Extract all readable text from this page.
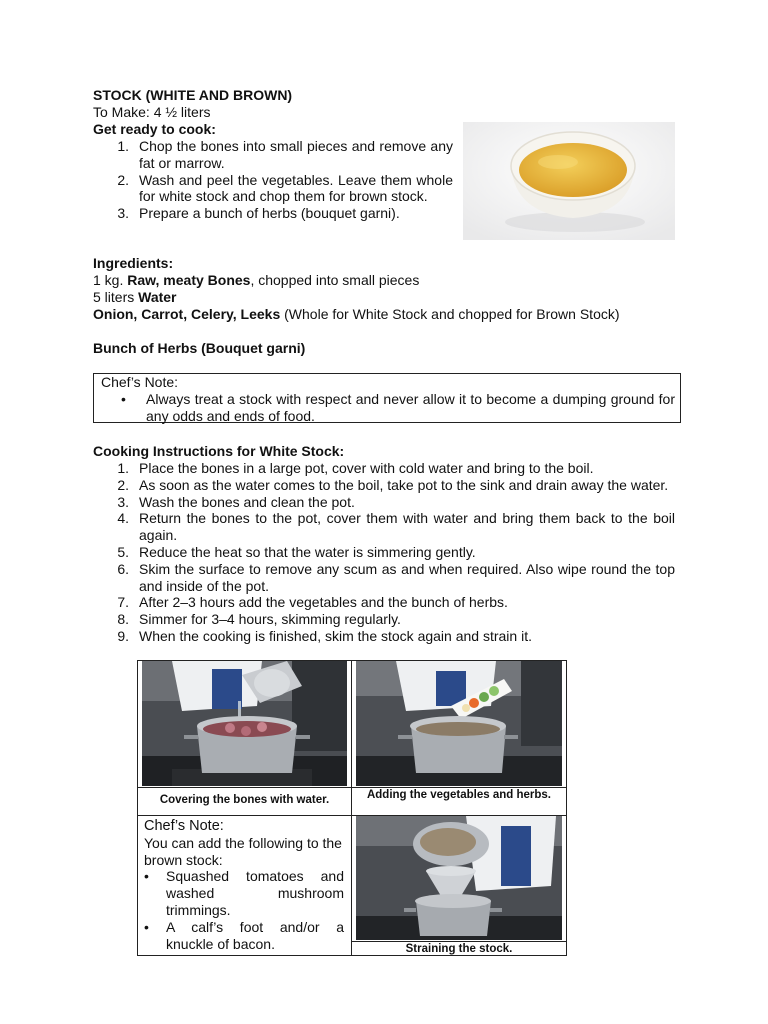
STOCK (WHITE AND BROWN)
To Make: 4 ½ liters
Get ready to cook:
1. Chop the bones into small pieces and remove any fat or marrow.
2. Wash and peel the vegetables. Leave them whole for white stock and chop them for brown stock.
3. Prepare a bunch of herbs (bouquet garni).
Ingredients:
1 kg. Raw, meaty Bones, chopped into small pieces
5 liters Water
Onion, Carrot, Celery, Leeks (Whole for White Stock and chopped for Brown Stock)
Bunch of Herbs (Bouquet garni)
Chef’s Note:
• Always treat a stock with respect and never allow it to become a dumping ground for any odds and ends of food.
Cooking Instructions for White Stock:
1. Place the bones in a large pot, cover with cold water and bring to the boil.
2. As soon as the water comes to the boil, take pot to the sink and drain away the water.
3. Wash the bones and clean the pot.
4. Return the bones to the pot, cover them with water and bring them back to the boil again.
5. Reduce the heat so that the water is simmering gently.
6. Skim the surface to remove any scum as and when required. Also wipe round the top and inside of the pot.
7. After 2–3 hours add the vegetables and the bunch of herbs.
8. Simmer for 3–4 hours, skimming regularly.
9. When the cooking is finished, skim the stock again and strain it.
Covering the bones with water.	Adding the vegetables and herbs.
Chef’s Note:
You can add the following to the brown stock:
• Squashed tomatoes and washed mushroom trimmings.
• A calf’s foot and/or a knuckle of bacon.	Straining the stock.
